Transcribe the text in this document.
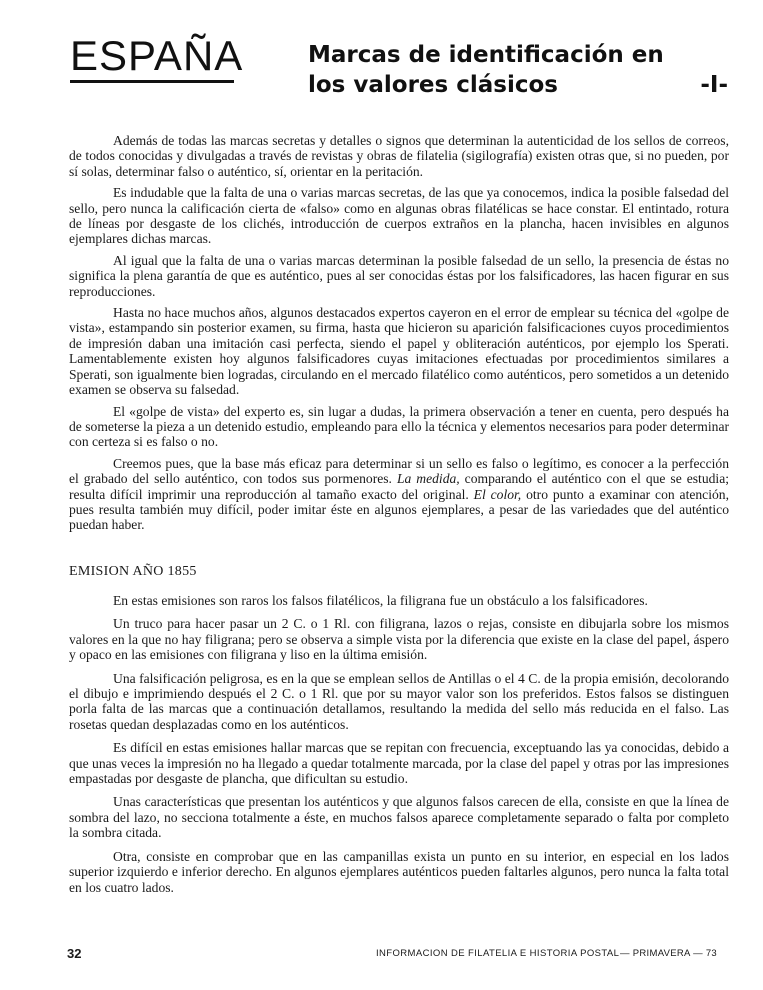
ESPAÑA	Marcas de identificación en
los valores clásicos	-I-

Además de todas las marcas secretas y detalles o signos que determinan la autenticidad de los sellos de correos, de todos conocidas y divulgadas a través de revistas y obras de filatelia (sigilografía) existen otras que, si no pueden, por sí solas, determinar falso o auténtico, sí, orientar en la peritación.

Es indudable que la falta de una o varias marcas secretas, de las que ya conocemos, indica la posible falsedad del sello, pero nunca la calificación cierta de «falso» como en algunas obras filatélicas se hace constar. El entintado, rotura de líneas por desgaste de los clichés, introducción de cuerpos extraños en la plancha, hacen invisibles en algunos ejemplares dichas marcas.

Al igual que la falta de una o varias marcas determinan la posible falsedad de un sello, la presencia de éstas no significa la plena garantía de que es auténtico, pues al ser conocidas éstas por los falsificadores, las hacen figurar en sus reproducciones.

Hasta no hace muchos años, algunos destacados expertos cayeron en el error de emplear su técnica del «golpe de vista», estampando sin posterior examen, su firma, hasta que hicieron su aparición falsificaciones cuyos procedimientos de impresión daban una imitación casi perfecta, siendo el papel y obliteración auténticos, por ejemplo los Sperati. Lamentablemente existen hoy algunos falsificadores cuyas imitaciones efectuadas por procedimientos similares a Sperati, son igualmente bien logradas, circulando en el mercado filatélico como auténticos, pero sometidos a un detenido examen se observa su falsedad.

El «golpe de vista» del experto es, sin lugar a dudas, la primera observación a tener en cuenta, pero después ha de someterse la pieza a un detenido estudio, empleando para ello la técnica y elementos necesarios para poder determinar con certeza si es falso o no.

Creemos pues, que la base más eficaz para determinar si un sello es falso o legítimo, es conocer a la perfección el grabado del sello auténtico, con todos sus pormenores. La medida, comparando el auténtico con el que se estudia; resulta difícil imprimir una reproducción al tamaño exacto del original. El color, otro punto a examinar con atención, pues resulta también muy difícil, poder imitar éste en algunos ejemplares, a pesar de las variedades que del auténtico puedan haber.

EMISION AÑO 1855

En estas emisiones son raros los falsos filatélicos, la filigrana fue un obstáculo a los falsificadores.

Un truco para hacer pasar un 2 C. o 1 Rl. con filigrana, lazos o rejas, consiste en dibujarla sobre los mismos valores en la que no hay filigrana; pero se observa a simple vista por la diferencia que existe en la clase del papel, áspero y opaco en las emisiones con filigrana y liso en la última emisión.

Una falsificación peligrosa, es en la que se emplean sellos de Antillas o el 4 C. de la propia emisión, decolorando el dibujo e imprimiendo después el 2 C. o 1 Rl. que por su mayor valor son los preferidos. Estos falsos se distinguen porla falta de las marcas que a continuación detallamos, resultando la medida del sello más reducida en el falso. Las rosetas quedan desplazadas como en los auténticos.

Es difícil en estas emisiones hallar marcas que se repitan con frecuencia, exceptuando las ya conocidas, debido a que unas veces la impresión no ha llegado a quedar totalmente marcada, por la clase del papel y otras por las impresiones empastadas por desgaste de plancha, que dificultan su estudio.

Unas características que presentan los auténticos y que algunos falsos carecen de ella, consiste en que la línea de sombra del lazo, no secciona totalmente a éste, en muchos falsos aparece completamente separado o falta por completo la sombra citada.

Otra, consiste en comprobar que en las campanillas exista un punto en su interior, en especial en los lados superior izquierdo e inferior derecho. En algunos ejemplares auténticos pueden faltarles algunos, pero nunca la falta total en los cuatro lados.

32	INFORMACION DE FILATELIA E HISTORIA POSTAL — PRIMAVERA — 73
